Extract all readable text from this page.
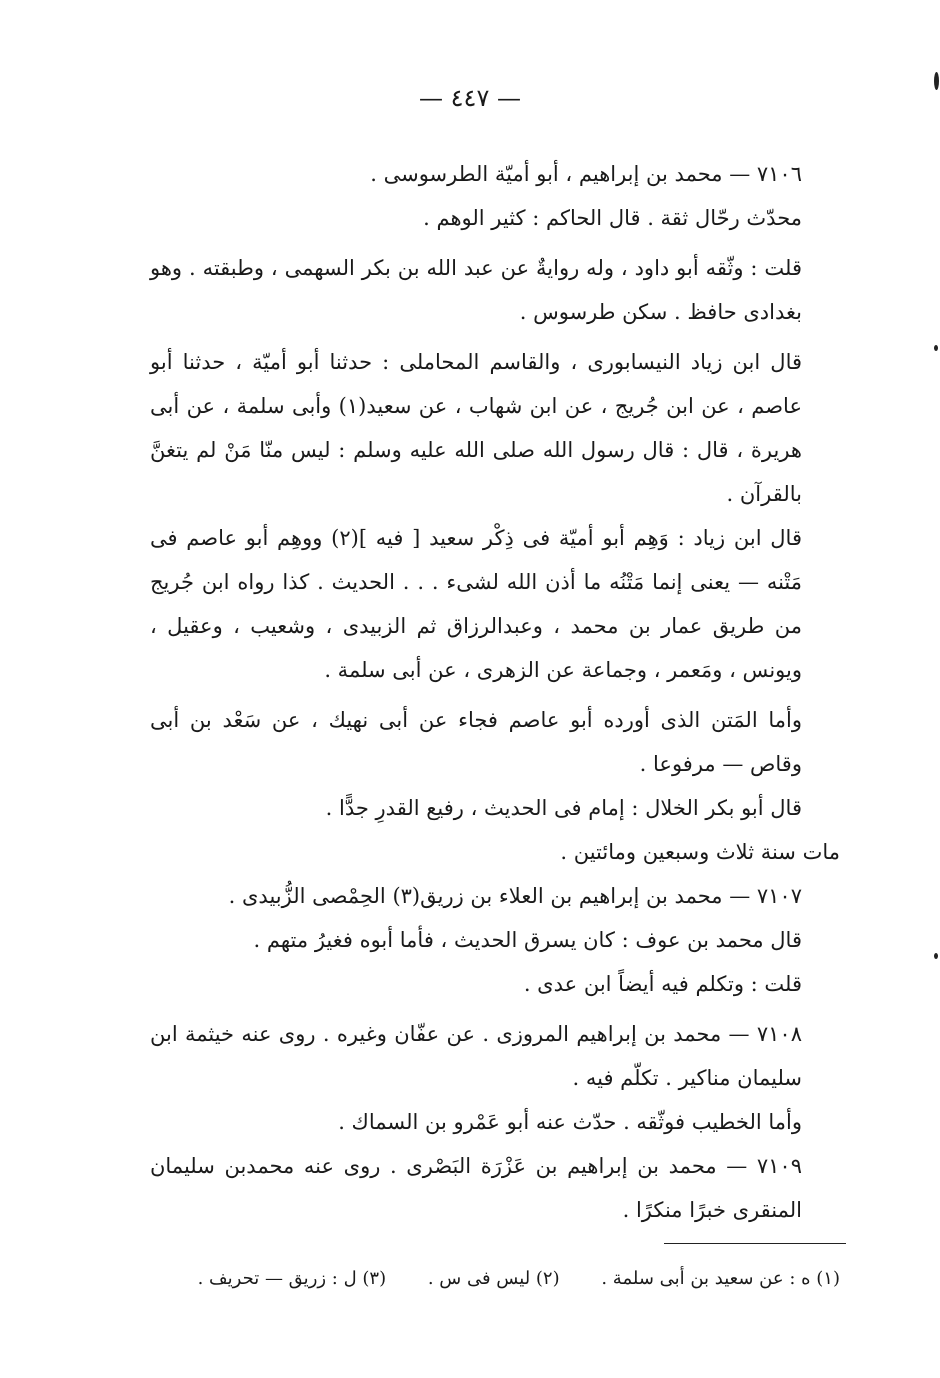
— ٤٤٧ —

٧١٠٦ — محمد بن إبراهيم ، أبو أميّة الطرسوسى .

محدّث رحّال ثقة . قال الحاكم : كثير الوهم .

قلت : وثّقه أبو داود ، وله روايةٌ عن عبد الله بن بكر السهمى ، وطبقته . وهو بغدادى حافظ . سكن طرسوس .

قال ابن زياد النيسابورى ، والقاسم المحاملى : حدثنا أبو أميّة ، حدثنا أبو عاصم ، عن ابن جُريج ، عن ابن شهاب ، عن سعيد(١) وأبى سلمة ، عن أبى هريرة ، قال : قال رسول الله صلى الله عليه وسلم : ليس منّا مَنْ لم يتغنَّ بالقرآن .

قال ابن زياد : وَهِم أبو أميّة فى ذِكْر سعيد [ فيه ](٢) ووهِم أبو عاصم فى مَتْنه — يعنى إنما مَتْنُه ما أذن الله لشىء . . . الحديث . كذا رواه ابن جُريج من طريق عمار بن محمد ، وعبدالرزاق ثم الزبيدى ، وشعيب ، وعقيل ، ويونس ، ومَعمر ، وجماعة عن الزهرى ، عن أبى سلمة .

وأما المَتن الذى أورده أبو عاصم فجاء عن أبى نهيك ، عن سَعْد بن أبى وقاص — مرفوعا .

قال أبو بكر الخلال : إمام فى الحديث ، رفيع القدرِ جدًّا .

مات سنة ثلاث وسبعين ومائتين .

٧١٠٧ — محمد بن إبراهيم بن العلاء بن زريق(٣) الحِمْصى الزُّبيدى .

قال محمد بن عوف : كان يسرق الحديث ، فأما أبوه فغيرُ متهم .

قلت : وتكلم فيه أيضاً ابن عدى .

٧١٠٨ — محمد بن إبراهيم المروزى . عن عفّان وغيره . روى عنه خيثمة ابن سليمان مناكير . تكلّم فيه .

وأما الخطيب فوثّقه . حدّث عنه أبو عَمْرو بن السماك .

٧١٠٩ — محمد بن إبراهيم بن عَزْرَة البَصْرى . روى عنه محمدبن سليمان المنقرى خبرًا منكرًا .

(١) ه : عن سعيد بن أبى سلمة . (٢) ليس فى س . (٣) ل : زريق — تحريف .
